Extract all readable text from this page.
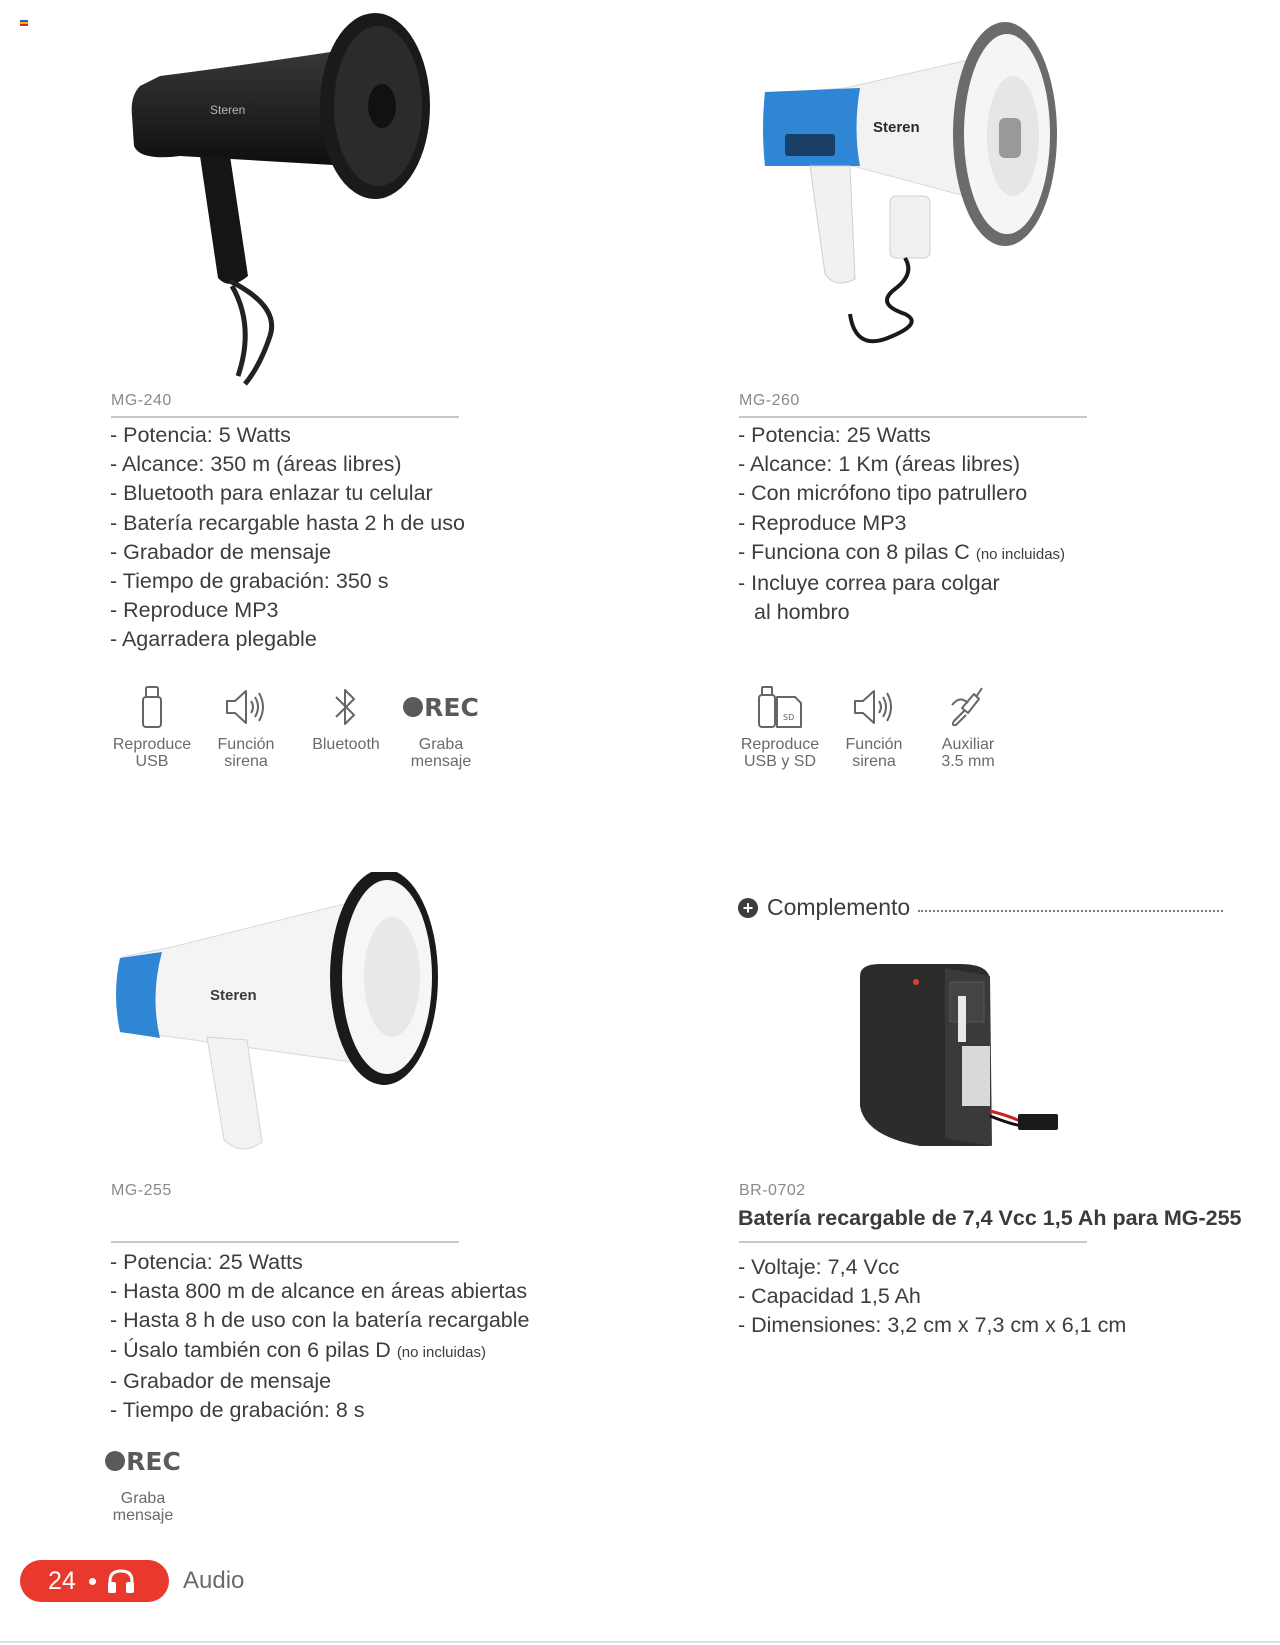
Steren
MG-240
- Potencia: 5 Watts
- Alcance: 350 m (áreas libres)
- Bluetooth para enlazar tu celular
- Batería recargable hasta 2 h de uso
- Grabador de mensaje
- Tiempo de grabación: 350 s
- Reproduce MP3
- Agarradera plegable
Reproduce
USB
Función
sirena
Bluetooth
REC
Graba
mensaje
Steren
MG-260
- Potencia: 25 Watts
- Alcance: 1 Km (áreas libres)
- Con micrófono tipo patrullero
- Reproduce MP3
- Funciona con 8 pilas C (no incluidas)
- Incluye correa para colgar
al hombro
SD
Reproduce
USB y SD
Función
sirena
Auxiliar
3.5 mm
Steren
MG-255
- Potencia: 25 Watts
- Hasta 800 m de alcance en áreas abiertas
- Hasta 8 h de uso con la batería recargable
- Úsalo también con 6 pilas D (no incluidas)
- Grabador de mensaje
- Tiempo de grabación: 8 s
REC
Graba
mensaje
+ Complemento
BR-0702
Batería recargable de 7,4 Vcc 1,5 Ah para MG-255
- Voltaje: 7,4 Vcc
- Capacidad 1,5 Ah
- Dimensiones: 3,2 cm x 7,3 cm x 6,1 cm
24	Audio
